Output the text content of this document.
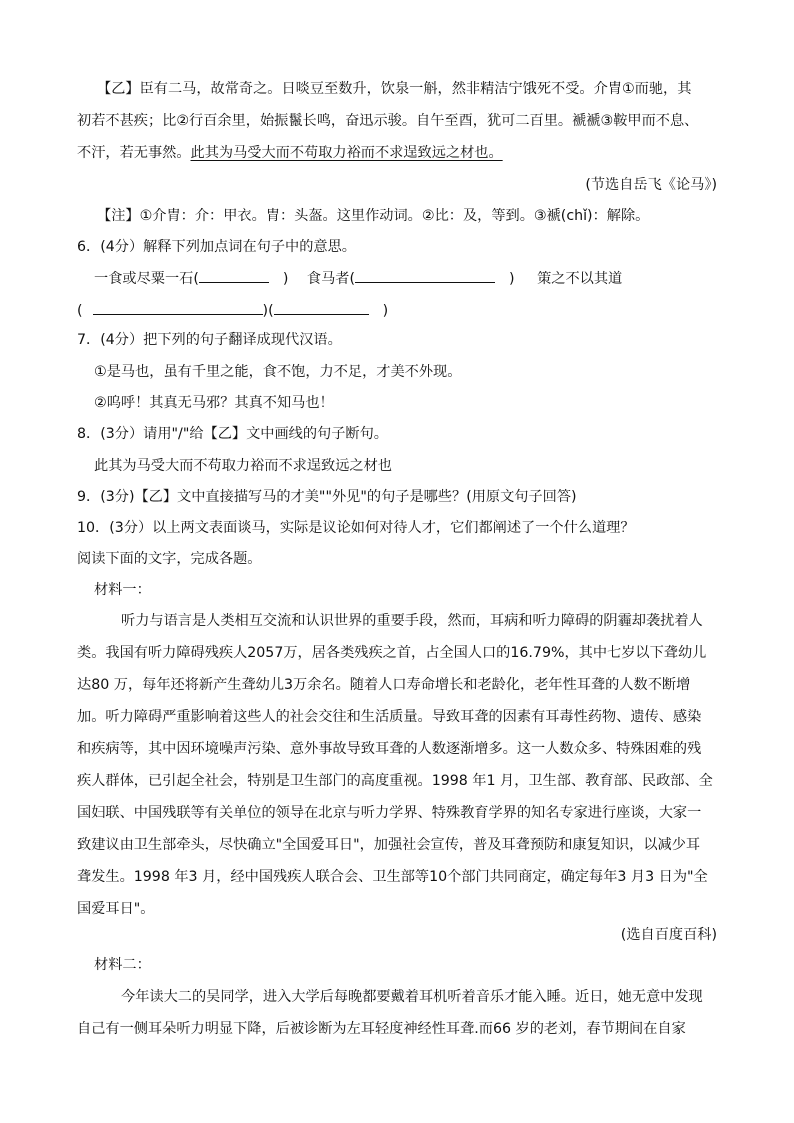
【乙】臣有二马，故常奇之。日啖豆至数升，饮泉一斛，然非精洁宁饿死不受。介胄①而驰，其
初若不甚疾；比②行百余里，始振鬣长鸣，奋迅示骏。自午至酉，犹可二百里。褫褫③鞍甲而不息、
不汗，若无事然。此其为马受大而不苟取力裕而不求逞致远之材也。
(节选自岳飞《论马》)
【注】①介胄：介：甲衣。胄：头盔。这里作动词。②比：及，等到。③褫(chǐ)：解除。
6．(4分）解释下列加点词在句子中的意思。
一食或尽粟一石(	) 食马者(	) 策之不以其道
(	)(	)
7．(4分）把下列的句子翻译成现代汉语。
①是马也，虽有千里之能，食不饱，力不足，才美不外现。
②呜呼！其真无马邪？其真不知马也！
8．(3分）请用"/"给【乙】文中画线的句子断句。
此其为马受大而不苟取力裕而不求逞致远之材也
9．(3分)【乙】文中直接描写马的才美""外见"的句子是哪些？(用原文句子回答)
10．(3分）以上两文表面谈马，实际是议论如何对待人才，它们都阐述了一个什么道理？
阅读下面的文字，完成各题。
材料一：
听力与语言是人类相互交流和认识世界的重要手段，然而，耳病和听力障碍的阴霾却袭扰着人
类。我国有听力障碍残疾人2057万，居各类残疾之首，占全国人口的16.79%，其中七岁以下聋幼儿
达80 万，每年还将新产生聋幼儿3万余名。随着人口寿命增长和老龄化，老年性耳聋的人数不断增
加。听力障碍严重影响着这些人的社会交往和生活质量。导致耳聋的因素有耳毒性药物、遗传、感染
和疾病等，其中因环境噪声污染、意外事故导致耳聋的人数逐渐增多。这一人数众多、特殊困难的残
疾人群体，已引起全社会，特别是卫生部门的高度重视。1998 年1 月，卫生部、教育部、民政部、全
国妇联、中国残联等有关单位的领导在北京与听力学界、特殊教育学界的知名专家进行座谈，大家一
致建议由卫生部牵头，尽快确立"全国爱耳日"，加强社会宣传，普及耳聋预防和康复知识，以减少耳
聋发生。1998 年3 月，经中国残疾人联合会、卫生部等10个部门共同商定，确定每年3 月3 日为"全
国爱耳日"。
(选自百度百科)
材料二：
今年读大二的吴同学，进入大学后每晚都要戴着耳机听着音乐才能入睡。近日，她无意中发现
自己有一侧耳朵听力明显下降，后被诊断为左耳轻度神经性耳聋.而66 岁的老刘，春节期间在自家
